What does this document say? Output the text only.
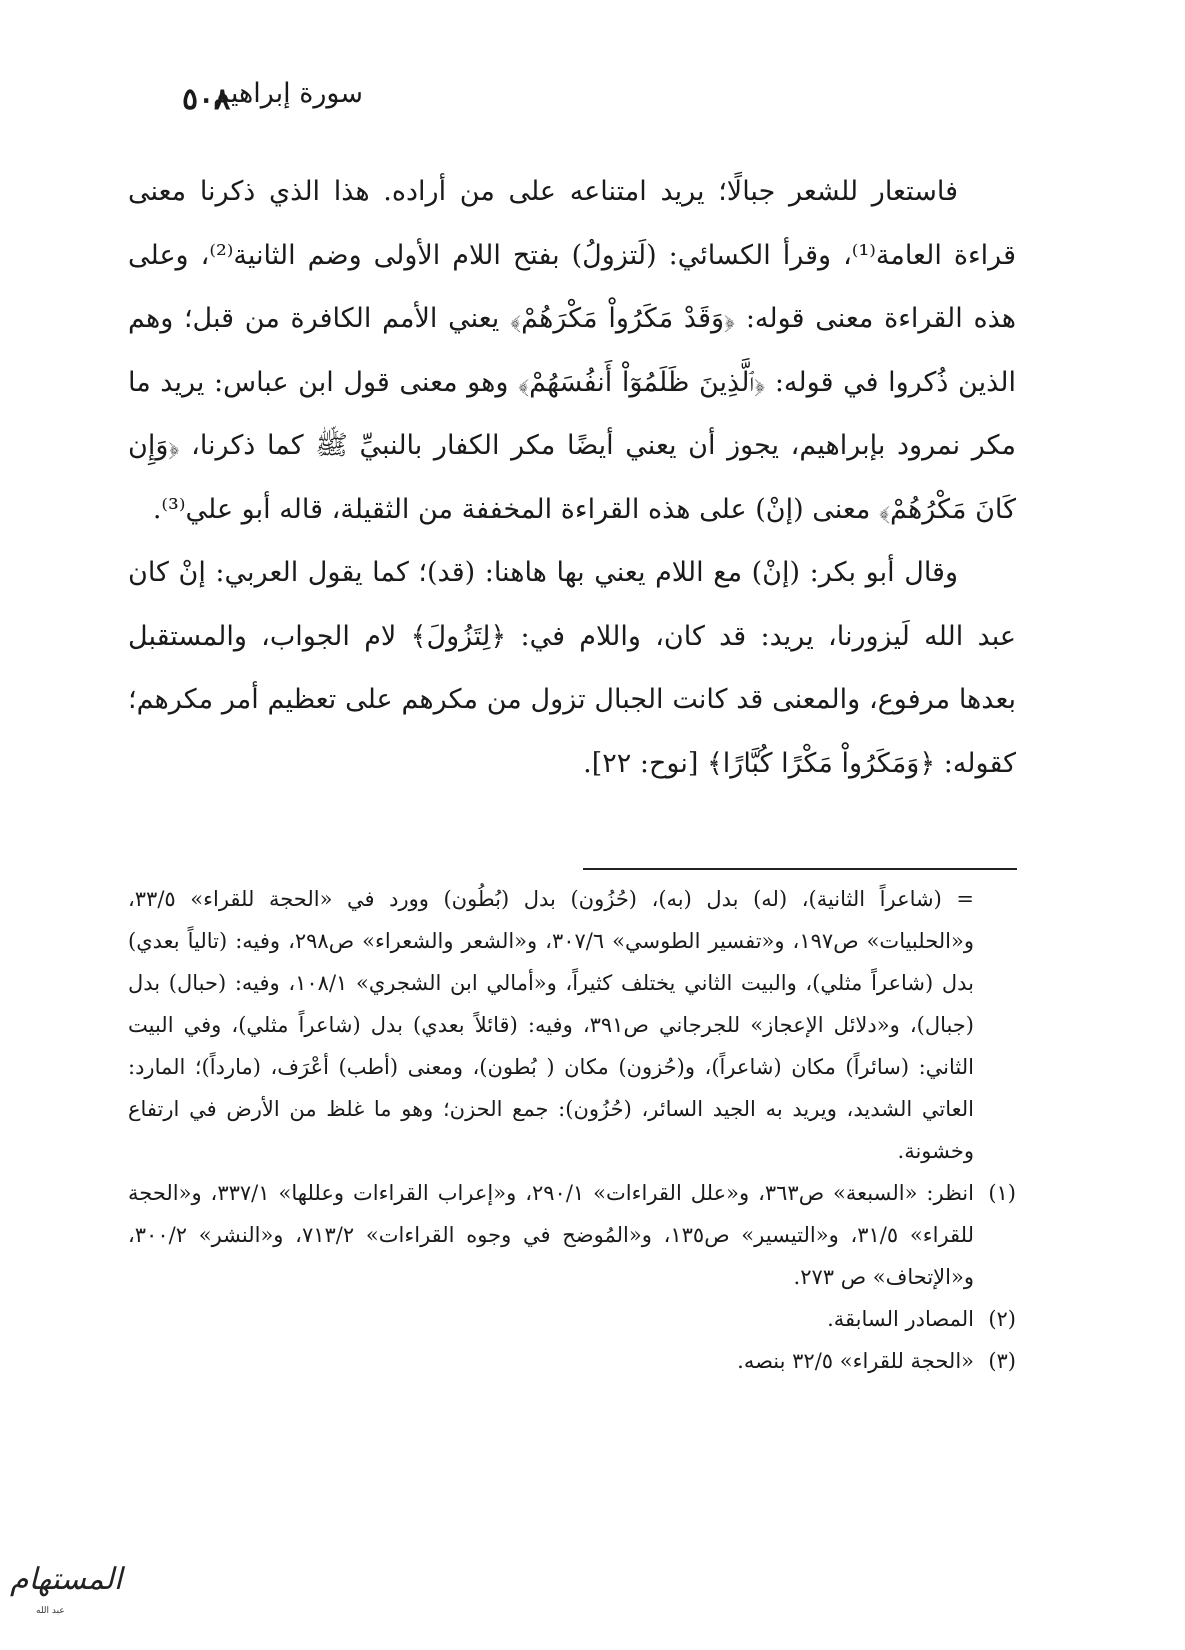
٥٠٨
سورة إبراهيم

فاستعار للشعر جبالًا؛ يريد امتناعه على من أراده. هذا الذي ذكرنا معنى قراءة العامة⁽¹⁾، وقرأ الكسائي: (لَتزولُ) بفتح اللام الأولى وضم الثانية⁽²⁾، وعلى هذه القراءة معنى قوله: ﴿وَقَدْ مَكَرُواْ مَكْرَهُمْ﴾ يعني الأمم الكافرة من قبل؛ وهم الذين ذُكروا في قوله: ﴿ٱلَّذِينَ ظَلَمُوٓاْ أَنفُسَهُمْ﴾ وهو معنى قول ابن عباس: يريد ما مكر نمرود بإبراهيم، يجوز أن يعني أيضًا مكر الكفار بالنبيِّ ﷺ كما ذكرنا، ﴿وَإِن كَانَ مَكْرُهُمْ﴾ معنى (إنْ) على هذه القراءة المخففة من الثقيلة، قاله أبو علي⁽³⁾.

وقال أبو بكر: (إنْ) مع اللام يعني بها هاهنا: (قد)؛ كما يقول العربي: إنْ كان عبد الله لَيزورنا، يريد: قد كان، واللام في: ﴿لِتَزُولَ﴾ لام الجواب، والمستقبل بعدها مرفوع، والمعنى قد كانت الجبال تزول من مكرهم على تعظيم أمر مكرهم؛ كقوله: ﴿وَمَكَرُواْ مَكْرًا كُبَّارًا﴾ [نوح: ٢٢].

= (شاعراً الثانية)، (له) بدل (به)، (حُزُون) بدل (بُطُون) وورد في «الحجة للقراء» ٣٣/٥، و«الحلبيات» ص١٩٧، و«تفسير الطوسي» ٣٠٧/٦، و«الشعر والشعراء» ص٢٩٨، وفيه: (تالياً بعدي) بدل (شاعراً مثلي)، والبيت الثاني يختلف كثيراً، و«أمالي ابن الشجري» ١٠٨/١، وفيه: (حبال) بدل (جبال)، و«دلائل الإعجاز» للجرجاني ص٣٩١، وفيه: (قائلاً بعدي) بدل (شاعراً مثلي)، وفي البيت الثاني: (سائراً) مكان (شاعراً)، و(حُزون) مكان ( بُطون)، ومعنى (أطب) أعْرَف، (مارداً)؛ المارد: العاتي الشديد، ويريد به الجيد السائر، (حُزُون): جمع الحزن؛ وهو ما غلظ من الأرض في ارتفاع وخشونة.

(١)
انظر: «السبعة» ص٣٦٣، و«علل القراءات» ٢٩٠/١، و«إعراب القراءات وعللها» ٣٣٧/١، و«الحجة للقراء» ٣١/٥، و«التيسير» ص١٣٥، و«المُوضح في وجوه القراءات» ٧١٣/٢، و«النشر» ٣٠٠/٢، و«الإتحاف» ص ٢٧٣.
(٢)
المصادر السابقة.
(٣)
«الحجة للقراء» ٣٢/٥ بنصه.
المستهام
عبد الله
